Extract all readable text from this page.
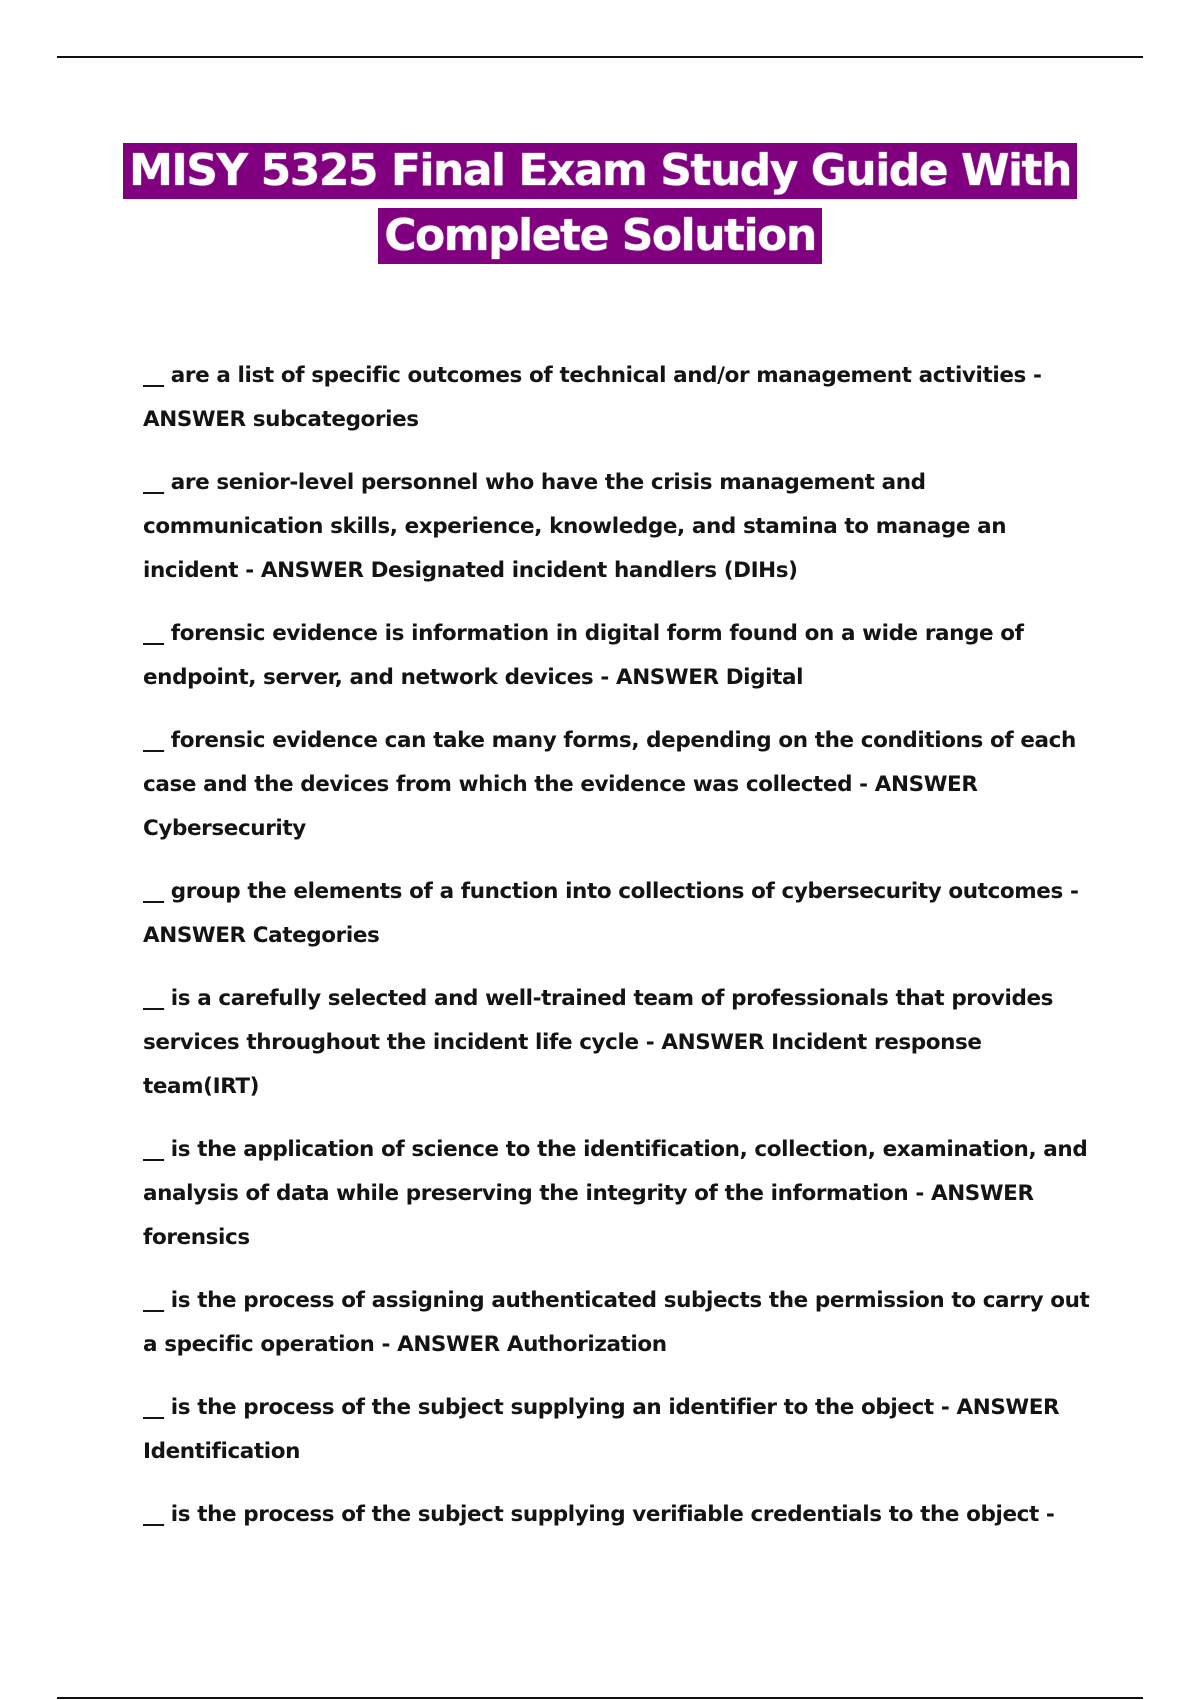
MISY 5325 Final Exam Study Guide With
Complete Solution
__ are a list of specific outcomes of technical and/or management activities - ANSWER subcategories
__ are senior-level personnel who have the crisis management and communication skills, experience, knowledge, and stamina to manage an incident - ANSWER Designated incident handlers (DIHs)
__ forensic evidence is information in digital form found on a wide range of endpoint, server, and network devices - ANSWER Digital
__ forensic evidence can take many forms, depending on the conditions of each case and the devices from which the evidence was collected - ANSWER Cybersecurity
__ group the elements of a function into collections of cybersecurity outcomes - ANSWER Categories
__ is a carefully selected and well-trained team of professionals that provides services throughout the incident life cycle - ANSWER Incident response team(IRT)
__ is the application of science to the identification, collection, examination, and analysis of data while preserving the integrity of the information - ANSWER forensics
__ is the process of assigning authenticated subjects the permission to carry out a specific operation - ANSWER Authorization
__ is the process of the subject supplying an identifier to the object - ANSWER Identification
__ is the process of the subject supplying verifiable credentials to the object -
